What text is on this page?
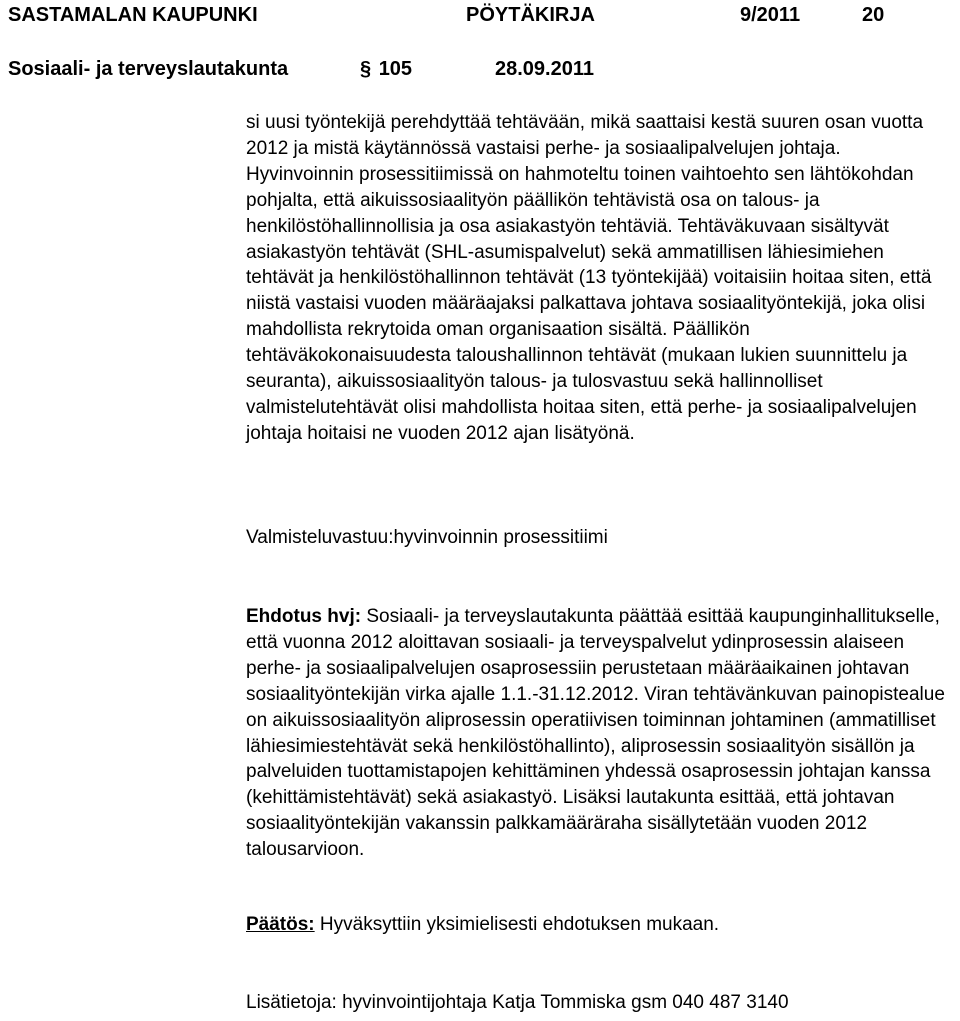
SASTAMALAN KAUPUNKI	PÖYTÄKIRJA	9/2011	20
Sosiaali- ja terveyslautakunta	§ 105	28.09.2011

si uusi työntekijä perehdyttää tehtävään, mikä saattaisi kestä suuren osan vuotta 2012 ja mistä käytännössä vastaisi perhe- ja sosiaalipalvelujen johtaja. Hyvinvoinnin prosessitiimissä on hahmoteltu toinen vaihtoehto sen lähtökohdan pohjalta, että aikuissosiaalityön päällikön tehtävistä osa on talous- ja henkilöstöhallinnollisia ja osa asiakastyön tehtäviä. Tehtäväkuvaan sisältyvät asiakastyön tehtävät (SHL-asumispalvelut) sekä ammatillisen lähiesimiehen tehtävät ja henkilöstöhallinnon tehtävät (13 työntekijää) voitaisiin hoitaa siten, että niistä vastaisi vuoden määräajaksi palkattava johtava sosiaalityöntekijä, joka olisi mahdollista rekrytoida oman organisaation sisältä. Päällikön tehtäväkokonaisuudesta taloushallinnon tehtävät (mukaan lukien suunnittelu ja seuranta), aikuissosiaalityön talous- ja tulosvastuu sekä hallinnolliset valmistelutehtävät olisi mahdollista hoitaa siten, että perhe- ja sosiaalipalvelujen johtaja hoitaisi ne vuoden 2012 ajan lisätyönä.

Valmisteluvastuu:hyvinvoinnin prosessitiimi

Ehdotus hvj: Sosiaali- ja terveyslautakunta päättää esittää kaupunginhallitukselle, että vuonna 2012 aloittavan sosiaali- ja terveyspalvelut ydinprosessin alaiseen perhe- ja sosiaalipalvelujen osaprosessiin perustetaan määräaikainen johtavan sosiaalityöntekijän virka ajalle 1.1.-31.12.2012. Viran tehtävänkuvan painopistealue on aikuissosiaalityön aliprosessin operatiivisen toiminnan johtaminen (ammatilliset lähiesimiestehtävät sekä henkilöstöhallinto), aliprosessin sosiaalityön sisällön ja palveluiden tuottamistapojen kehittäminen yhdessä osaprosessin johtajan kanssa (kehittämistehtävät) sekä asiakastyö. Lisäksi lautakunta esittää, että johtavan sosiaalityöntekijän vakanssin palkkamääräraha sisällytetään vuoden 2012 talousarvioon.

Päätös: Hyväksyttiin yksimielisesti ehdotuksen mukaan.

Lisätietoja: hyvinvointijohtaja Katja Tommiska gsm 040 487 3140
